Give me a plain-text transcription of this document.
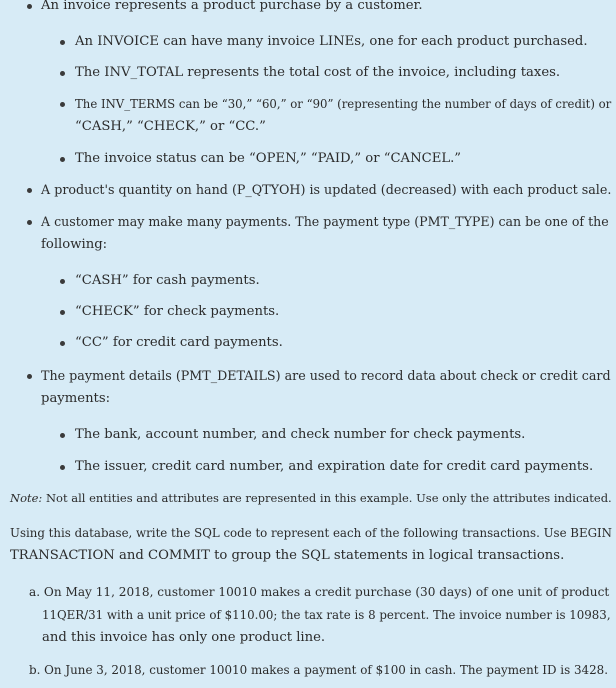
An invoice represents a product purchase by a customer.
An INVOICE can have many invoice LINEs, one for each product purchased.
The INV_TOTAL represents the total cost of the invoice, including taxes.
The INV_TERMS can be “30,” “60,” or “90” (representing the number of days of credit) or
“CASH,” “CHECK,” or “CC.”
The invoice status can be “OPEN,” “PAID,” or “CANCEL.”
A product's quantity on hand (P_QTYOH) is updated (decreased) with each product sale.
A customer may make many payments. The payment type (PMT_TYPE) can be one of the
following:
“CASH” for cash payments.
“CHECK” for check payments.
“CC” for credit card payments.
The payment details (PMT_DETAILS) are used to record data about check or credit card
payments:
The bank, account number, and check number for check payments.
The issuer, credit card number, and expiration date for credit card payments.
Note: Not all entities and attributes are represented in this example. Use only the attributes indicated.
Using this database, write the SQL code to represent each of the following transactions. Use BEGIN
TRANSACTION and COMMIT to group the SQL statements in logical transactions.
a. On May 11, 2018, customer 10010 makes a credit purchase (30 days) of one unit of product
11QER/31 with a unit price of $110.00; the tax rate is 8 percent. The invoice number is 10983,
and this invoice has only one product line.
b. On June 3, 2018, customer 10010 makes a payment of $100 in cash. The payment ID is 3428.
